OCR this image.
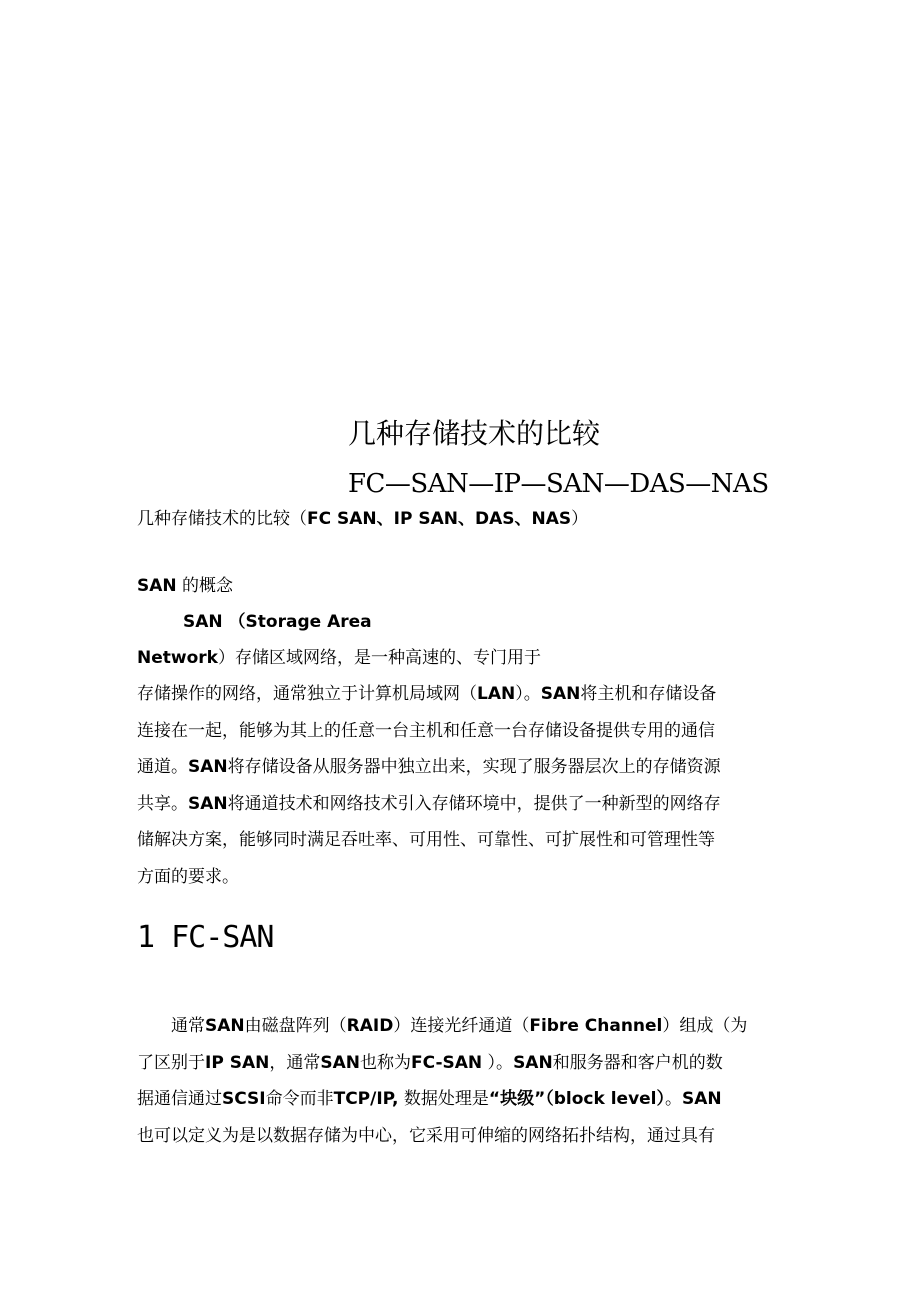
几种存储技术的比较
FC—SAN—IP—SAN—DAS—NAS

几种存储技术的比较（FC SAN、IP SAN、DAS、NAS）

SAN 的概念

SAN （Storage Area

Network）存储区域网络，是一种高速的、专门用于

存储操作的网络，通常独立于计算机局域网（LAN）。SAN将主机和存储设备

连接在一起，能够为其上的任意一台主机和任意一台存储设备提供专用的通信

通道。SAN将存储设备从服务器中独立出来，实现了服务器层次上的存储资源

共享。SAN将通道技术和网络技术引入存储环境中，提供了一种新型的网络存

储解决方案，能够同时满足吞吐率、可用性、可靠性、可扩展性和可管理性等

方面的要求。

1 FC-SAN

　　通常SAN由磁盘阵列（RAID）连接光纤通道（Fibre Channel）组成（为

了区别于IP SAN，通常SAN也称为FC-SAN ）。SAN和服务器和客户机的数

据通信通过SCSI命令而非TCP/IP, 数据处理是“块级”（block level）。SAN

也可以定义为是以数据存储为中心，它采用可伸缩的网络拓扑结构，通过具有
